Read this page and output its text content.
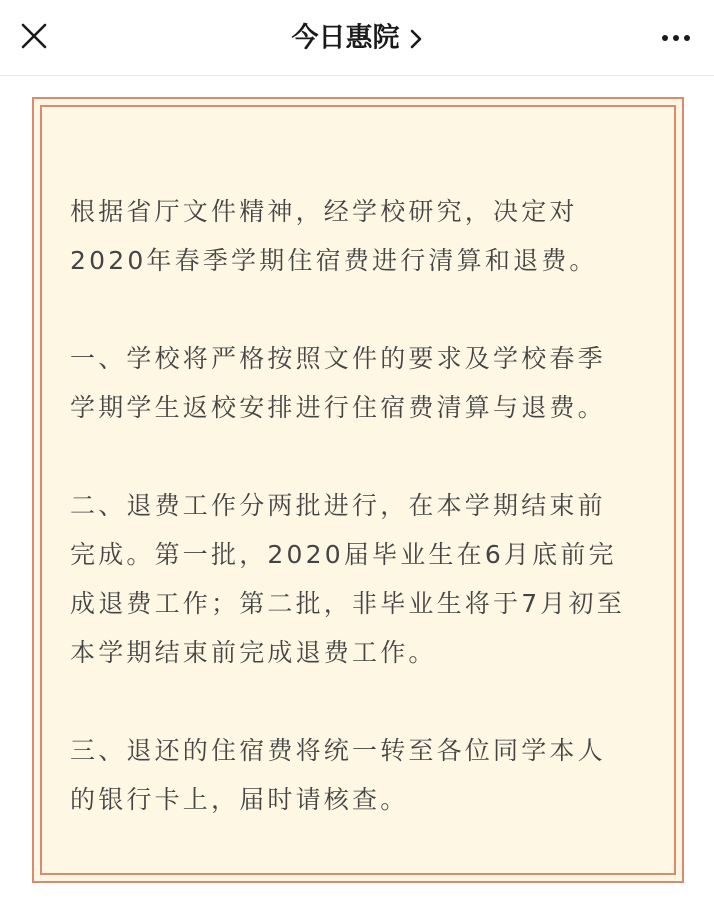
今日惠院

根据省厅文件精神，经学校研究，决定对
2020年春季学期住宿费进行清算和退费。

一、学校将严格按照文件的要求及学校春季
学期学生返校安排进行住宿费清算与退费。

二、退费工作分两批进行，在本学期结束前
完成。第一批，2020届毕业生在6月底前完
成退费工作；第二批，非毕业生将于7月初至
本学期结束前完成退费工作。

三、退还的住宿费将统一转至各位同学本人
的银行卡上，届时请核查。
